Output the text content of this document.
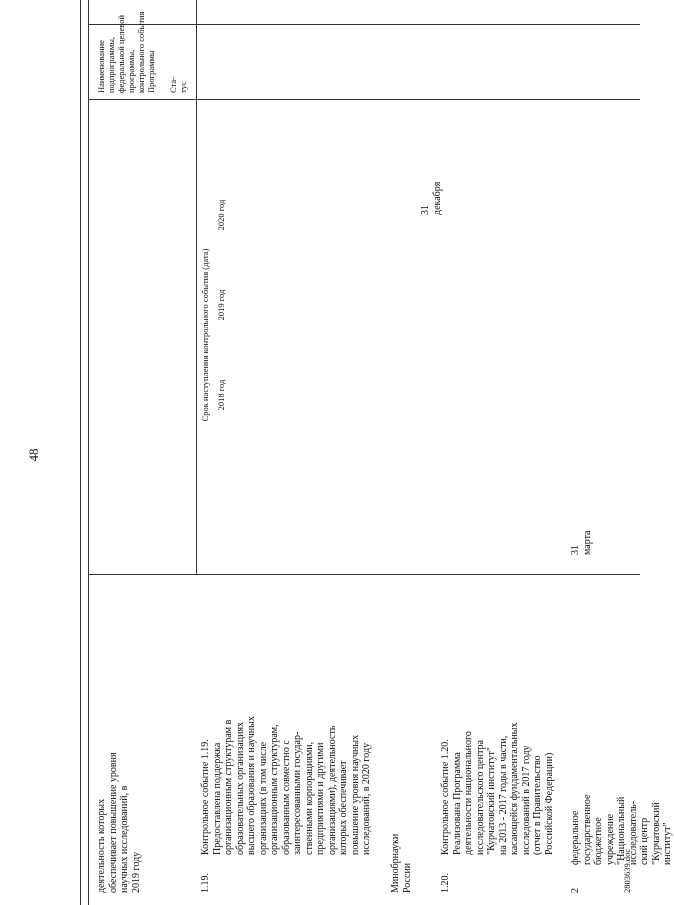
48
Наименование подпрограммы,
федеральной целевой программы,
контрольного события Программы Ста-
тус
Срок наступления контрольного события (дата) 2018 год
2019 год
2020 год
деятельность которых
обеспечивает повышение уровня
научных исследований, в
2019 году
1.19.
Контрольное событие 1.19.
Предоставлена поддержка
организационным структурам в
образовательных организациях
высшего образования и научных
организациях (в том числе
организационным структурам,
образованным совместно с
заинтересованными государ-
ственными корпорациями,
предприятиями и другими
организациями), деятельность
которых обеспечивает
повышение уровня научных
исследований, в 2020 году
Минобрнауки
России
31
декабря
1.20.
Контрольное событие 1.20.
Реализована Программа
деятельности национального
исследовательского центра
"Курчатовский институт"
на 2013 - 2017 годы в части,
касающейся фундаментальных
исследований в 2017 году
(отчет в Правительство
Российской Федерации)
2
федеральное
государственное
бюджетное
учреждение
"Национальный
исследователь-
ский центр
"Курчатовский
институт"
31
марта
2803639.doc
